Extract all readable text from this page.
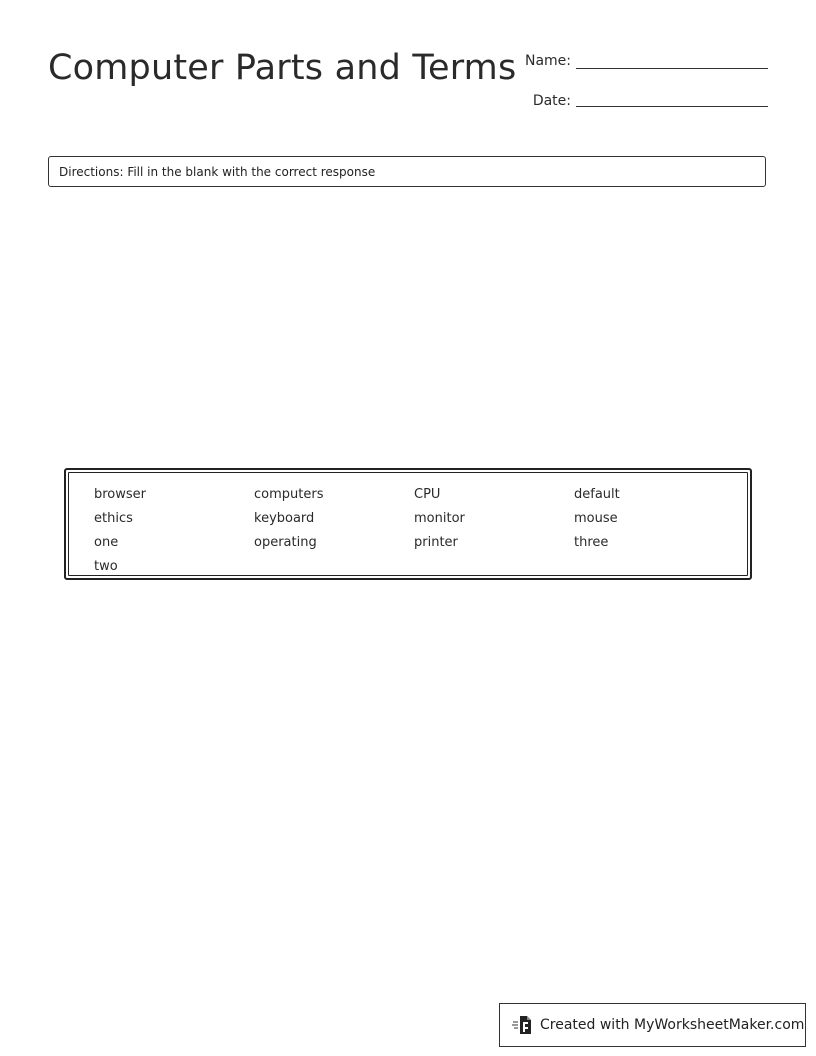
Computer Parts and Terms Name:
Date:
Directions: Fill in the blank with the correct response
browser	computers	CPU	default
ethics	keyboard	monitor	mouse
one	operating	printer	three
two
Created with MyWorksheetMaker.com
